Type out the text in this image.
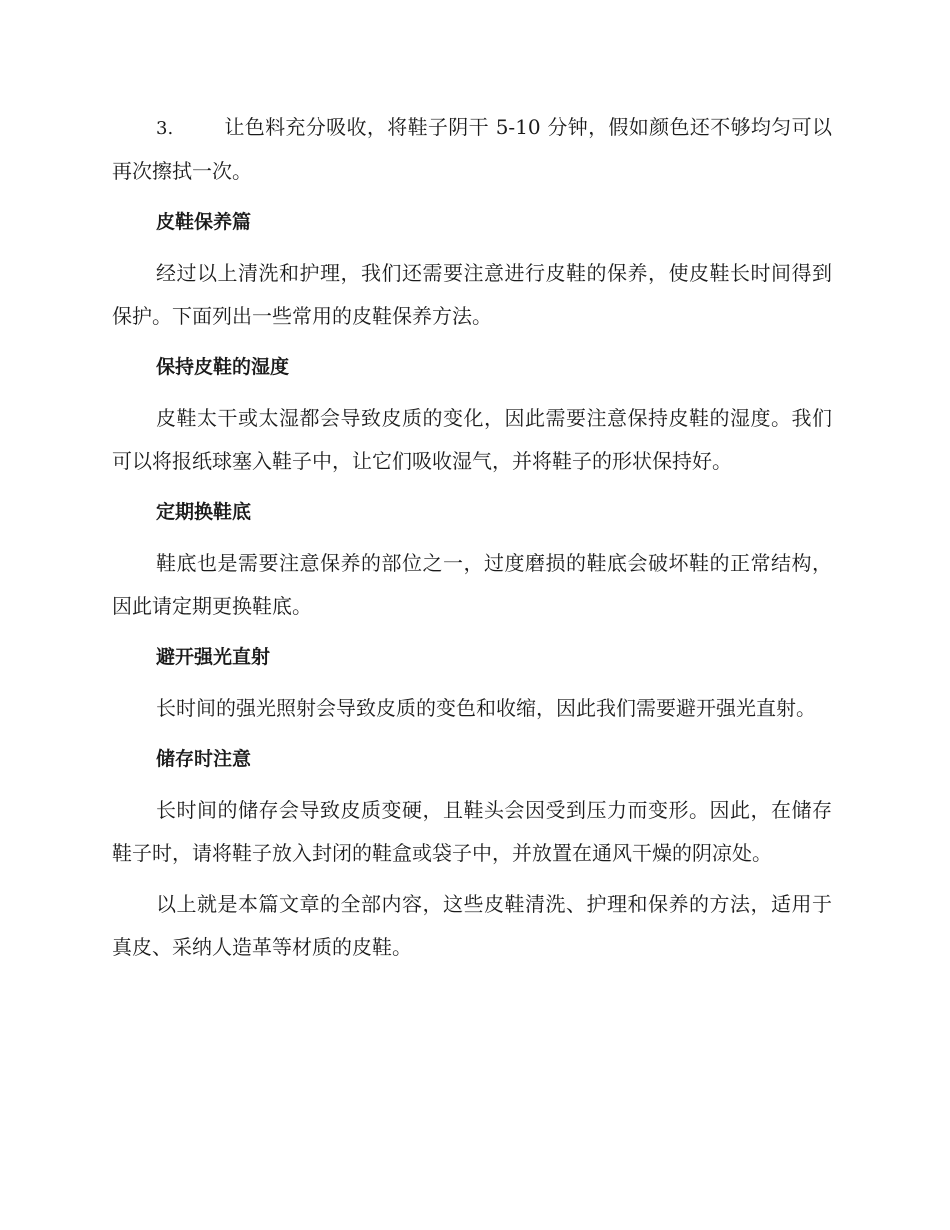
3.	让色料充分吸收，将鞋子阴干 5-10 分钟，假如颜色还不够均匀可以再次擦拭一次。

皮鞋保养篇

经过以上清洗和护理，我们还需要注意进行皮鞋的保养，使皮鞋长时间得到保护。下面列出一些常用的皮鞋保养方法。

保持皮鞋的湿度

皮鞋太干或太湿都会导致皮质的变化，因此需要注意保持皮鞋的湿度。我们可以将报纸球塞入鞋子中，让它们吸收湿气，并将鞋子的形状保持好。

定期换鞋底

鞋底也是需要注意保养的部位之一，过度磨损的鞋底会破坏鞋的正常结构，因此请定期更换鞋底。

避开强光直射

长时间的强光照射会导致皮质的变色和收缩，因此我们需要避开强光直射。

储存时注意

长时间的储存会导致皮质变硬，且鞋头会因受到压力而变形。因此，在储存鞋子时，请将鞋子放入封闭的鞋盒或袋子中，并放置在通风干燥的阴凉处。

以上就是本篇文章的全部内容，这些皮鞋清洗、护理和保养的方法，适用于真皮、采纳人造革等材质的皮鞋。
